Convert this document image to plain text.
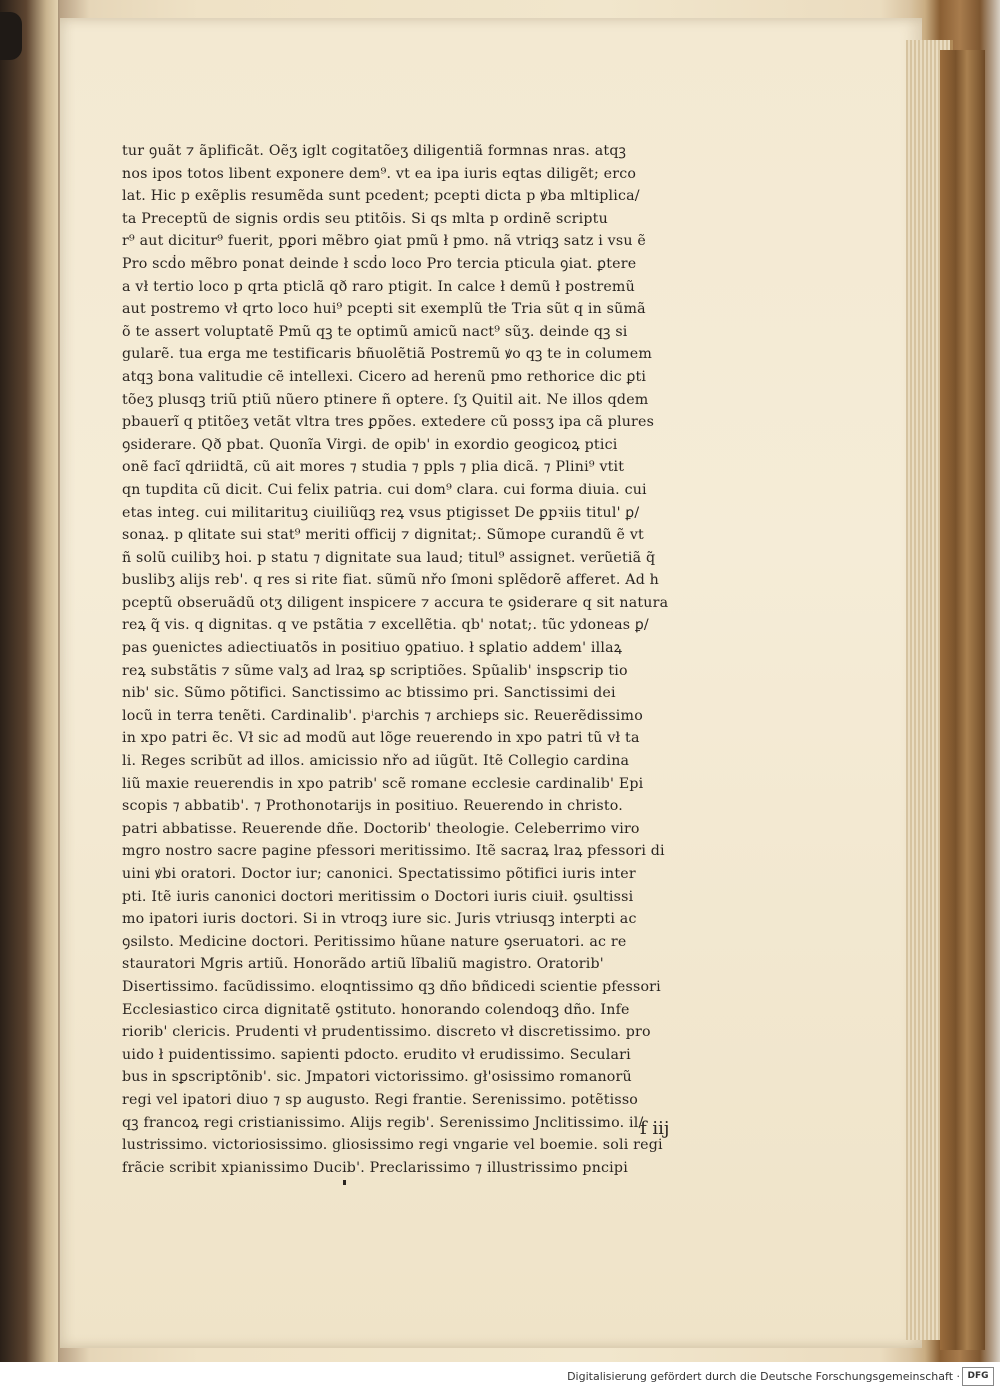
tur ꝯuãt ⁊ ãplificãt. Oẽʒ iglt cogitatõeʒ diligentiã formnas nras. atqꝫ
nos ipos totos libent exponere dem⁹. vt ea ipa iuris eqtas diligẽt; erco
lat. Hic p exẽplis resumẽda sunt pcedent; pcepti dicta p ꝟba mltiplica/
ta Preceptũ de signis ordis seu ptitõis. Si qs mlta p ordinẽ scriptu
r⁹ aut dicitur⁹ fuerit, pꝑori mẽbro ꝯiat pmũ ł pmo. nã vtriqꝫ satz i vsu ẽ
Pro scḋo mẽbro ponat deinde ł scḋo loco Pro tercia pticula ꝯiat. ꝑtere
a vł tertio loco p qrta pticlã qð raro ptigit. In calce ł demũ ł postremũ
aut postremo vł qrto loco hui⁹ pcepti sit exemplũ tłe Tria sũt q in sũmã
õ te assert voluptatẽ Pmũ qꝫ te optimũ amicũ nact⁹ sũʒ. deinde qꝫ si
gularẽ. tua erga me testificaris bñuolẽtiã Postremũ ꝟo qꝫ te in columem
atqꝫ bona valitudie cẽ intellexi. Cicero ad herenũ pmo rethorice dic ꝑti
tõeʒ plusqꝫ triũ ptiũ nũero ptinere ñ optere. ſʒ Quitil ait. Ne illos qdem
pbauerĩ q ptitõeʒ vetãt vltra tres ꝑpões. extedere cũ possʒ ipa cã plures
ꝯsiderare. Qð pbat. Quonĩa Virgi. de opib' in exordio geogicoꝝ ptici
onẽ facĩ qdriidtã, cũ ait mores ⁊ studia ⁊ ppls ⁊ plia dicã. ⁊ Plini⁹ vtit
qn tupdita cũ dicit. Cui felix patria. cui dom⁹ clara. cui forma diuia. cui
etas integ. cui militarituꝫ ciuiliũqꝫ reꝝ vsus ptigisset De ꝑpꝛiis titul' ꝑ/
sonaꝝ. p qlitate sui stat⁹ meriti officij ⁊ dignitat;. Sũmope curandũ ẽ vt
ñ solũ cuilibʒ hoi. p statu ⁊ dignitate sua laud; titul⁹ assignet. verũetiã q̃
buslibʒ alijs reb'. q res si rite fiat. sũmũ nřo ſmoni splẽdorẽ afferet. Ad h
pceptũ obseruãdũ otʒ diligent inspicere ⁊ accura te ꝯsiderare q sit natura
reꝝ q̃ vis. q dignitas. q ve pstãtia ⁊ excellẽtia. qb' notat;. tũc ydoneas ꝑ/
pas ꝯuenictes adiectiuatõs in positiuo ꝯpatiuo. ł sꝑlatio addem' illaꝝ
reꝝ substãtis ⁊ sũme valʒ ad lraꝝ sꝑ scriptiões. Spũalib' insꝑscrip tio
nib' sic. Sũmo põtifici. Sanctissimo ac btissimo pri. Sanctissimi dei
locũ in terra tenẽti. Cardinalib'. pⁱarchis ⁊ archieps sic. Reuerẽdissimo
in xpo patri ẽc. Vł sic ad modũ aut lõge reuerendo in xpo patri tũ vł ta
li. Reges scribũt ad illos. amicissio nřo ad iũgũt. Itẽ Collegio cardina
liũ maxie reuerendis in xpo patrib' scẽ romane ecclesie cardinalib' Epi
scopis ⁊ abbatib'. ⁊ Prothonotarijs in positiuo. Reuerendo in christo.
patri abbatisse. Reuerende dñe. Doctorib' theologie. Celeberrimo viro
mgro nostro sacre pagine pfessori meritissimo. Itẽ sacraꝝ lraꝝ pfessori di
uini ꝟbi oratori. Doctor iur; canonici. Spectatissimo põtifici iuris inter
pti. Itẽ iuris canonici doctori meritissim o Doctori iuris ciuił. ꝯsultissi
mo ipatori iuris doctori. Si in vtroqꝫ iure sic. Juris vtriusqꝫ interpti ac
ꝯsilsto. Medicine doctori. Peritissimo hũane nature ꝯseruatori. ac re
stauratori Mgris artiũ. Honorãdo artiũ lĩbaliũ magistro. Oratorib'
Disertissimo. facũdissimo. eloqntissimo qꝫ dño bñdicedi scientie pfessori
Ecclesiastico circa dignitatẽ ꝯstituto. honorando colendoqꝫ dño. Infe
riorib' clericis. Prudenti vł prudentissimo. discreto vł discretissimo. pro
uido ł puidentissimo. sapienti pdocto. erudito vł erudissimo. Seculari
bus in sꝑscriptõnib'. sic. Jmpatori victorissimo. gł'osissimo romanorũ
regi vel ipatori diuo ⁊ sp augusto. Regi frantie. Serenissimo. potẽtisso
qꝫ francoꝝ regi cristianissimo. Alijs regib'. Serenissimo Jnclitissimo. il/
lustrissimo. victoriosissimo. gliosissimo regi vngarie vel boemie. soli regi
frãcie scribit xpianissimo Ducib'. Preclarissimo ⁊ illustrissimo pncipi
f iij
Digitalisierung gefördert durch die Deutsche Forschungsgemeinschaft · DFG
